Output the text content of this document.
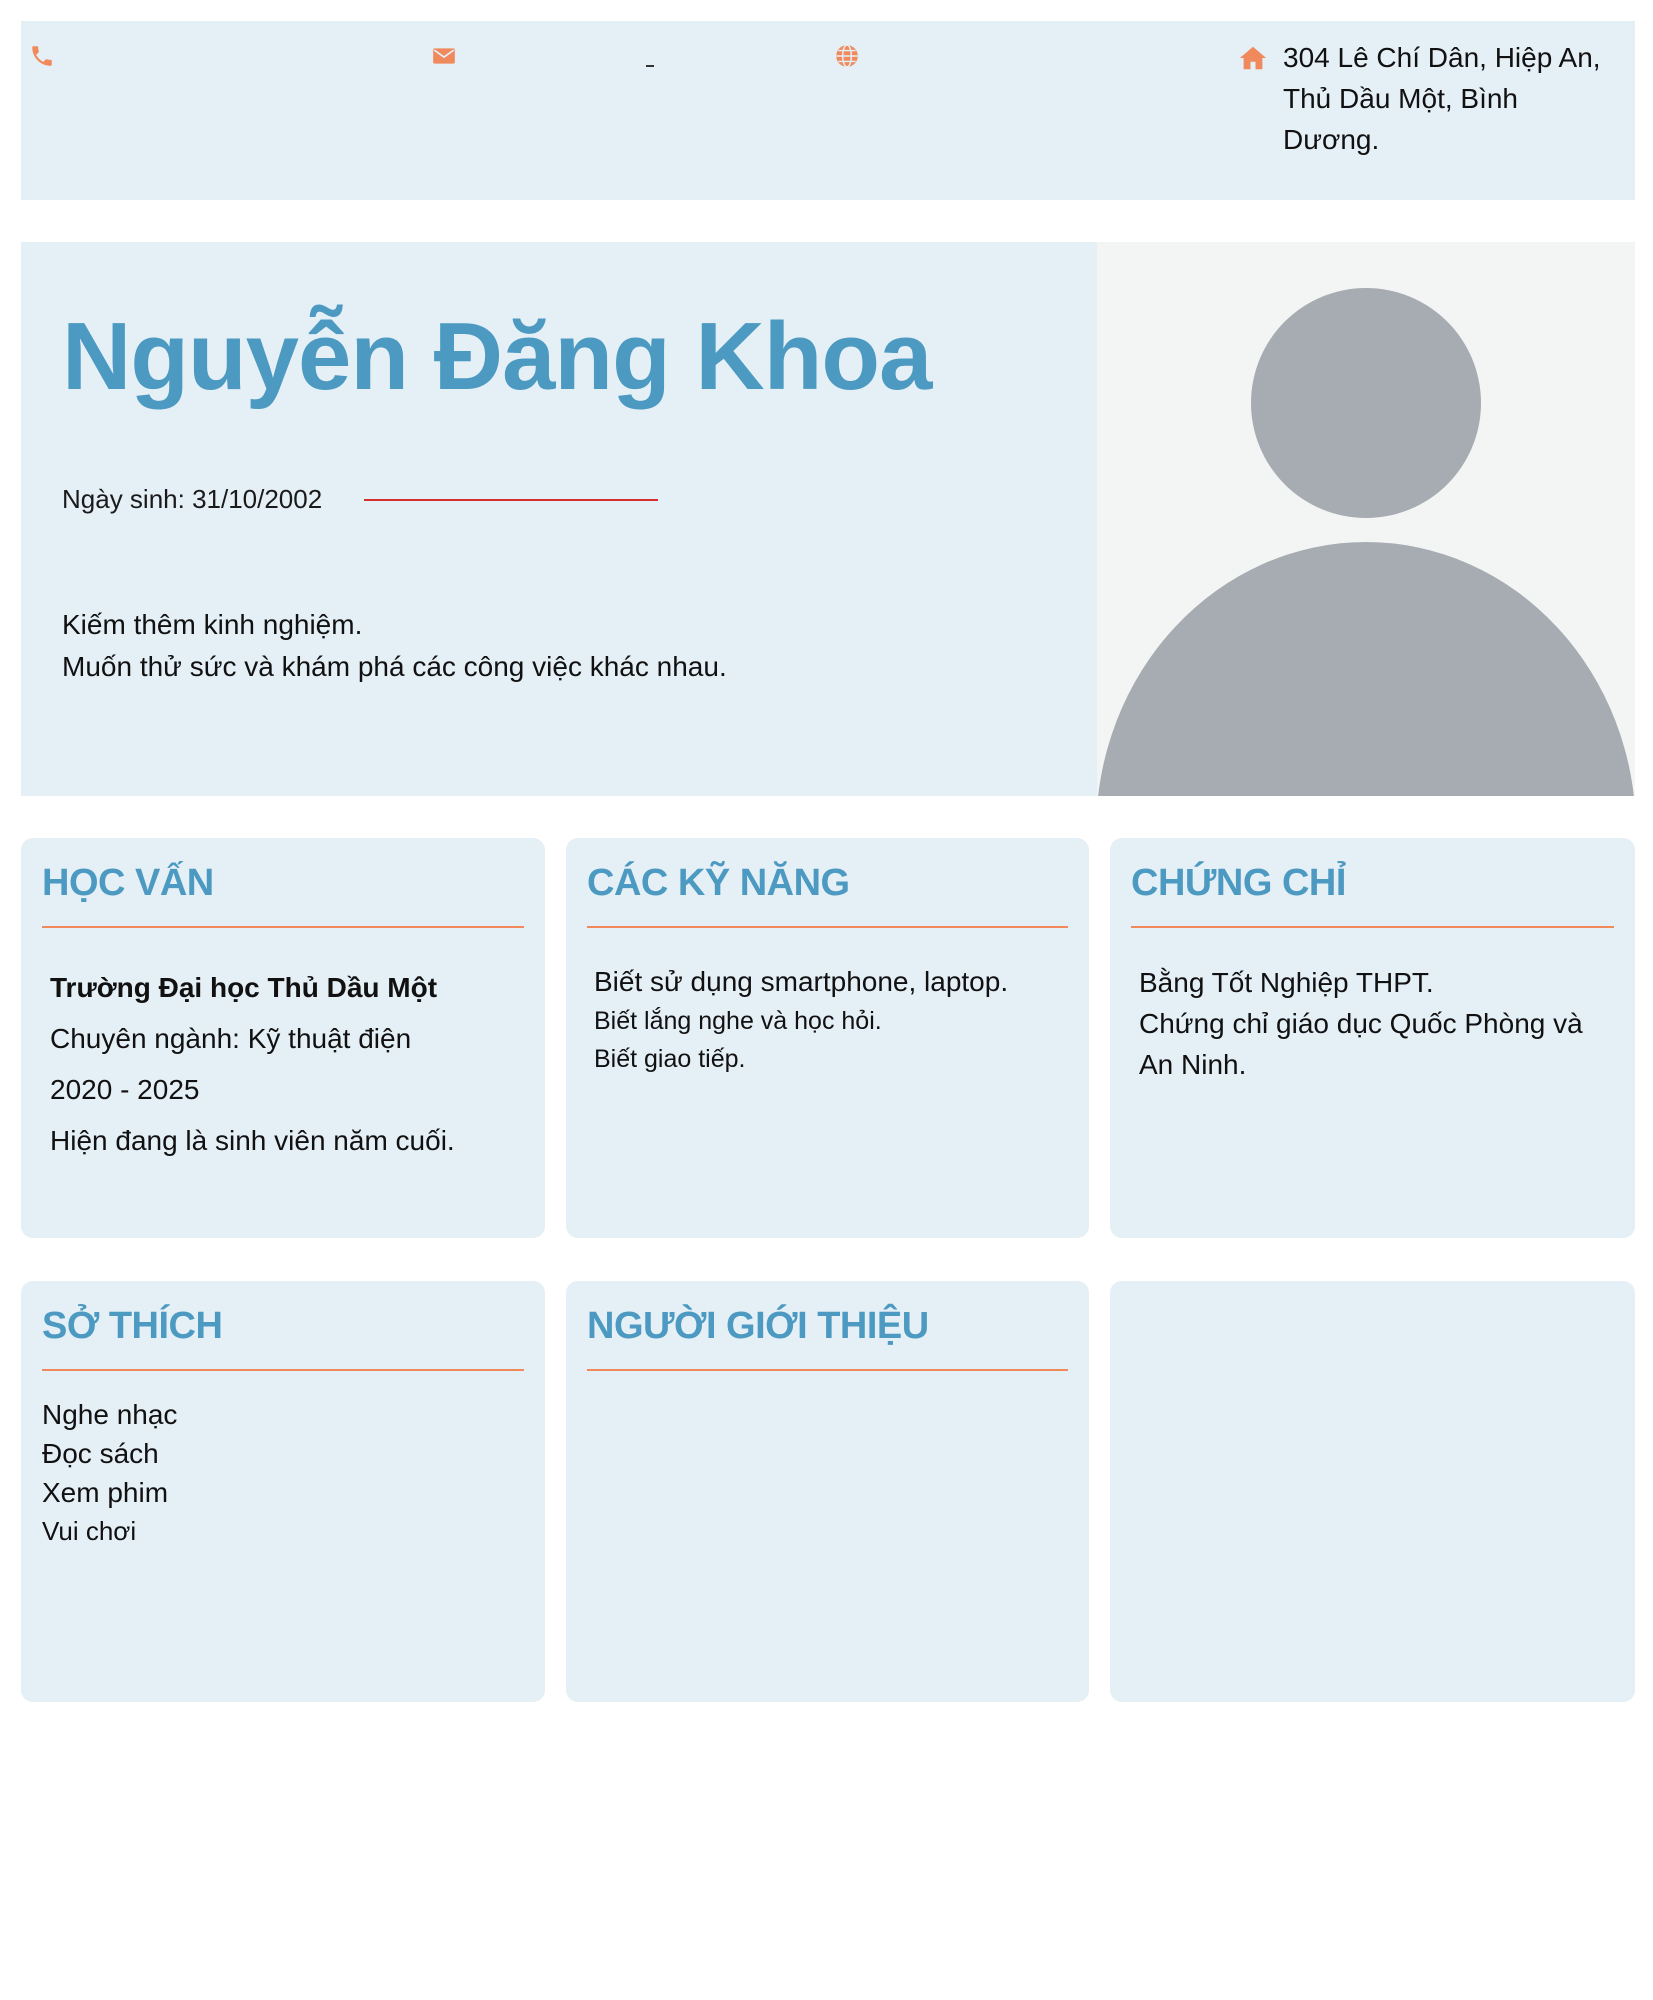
304 Lê Chí Dân, Hiệp An,
Thủ Dầu Một, Bình
Dương.
Nguyễn Đăng Khoa
Ngày sinh: 31/10/2002
Kiếm thêm kinh nghiệm.
Muốn thử sức và khám phá các công việc khác nhau.
HỌC VẤN
Trường Đại học Thủ Dầu Một
Chuyên ngành: Kỹ thuật điện
2020 - 2025
Hiện đang là sinh viên năm cuối.
CÁC KỸ NĂNG
Biết sử dụng smartphone, laptop.
Biết lắng nghe và học hỏi.
Biết giao tiếp.
CHỨNG CHỈ
Bằng Tốt Nghiệp THPT.
Chứng chỉ giáo dục Quốc Phòng và
An Ninh.
SỞ THÍCH
Nghe nhạc
Đọc sách
Xem phim
Vui chơi
NGƯỜI GIỚI THIỆU
